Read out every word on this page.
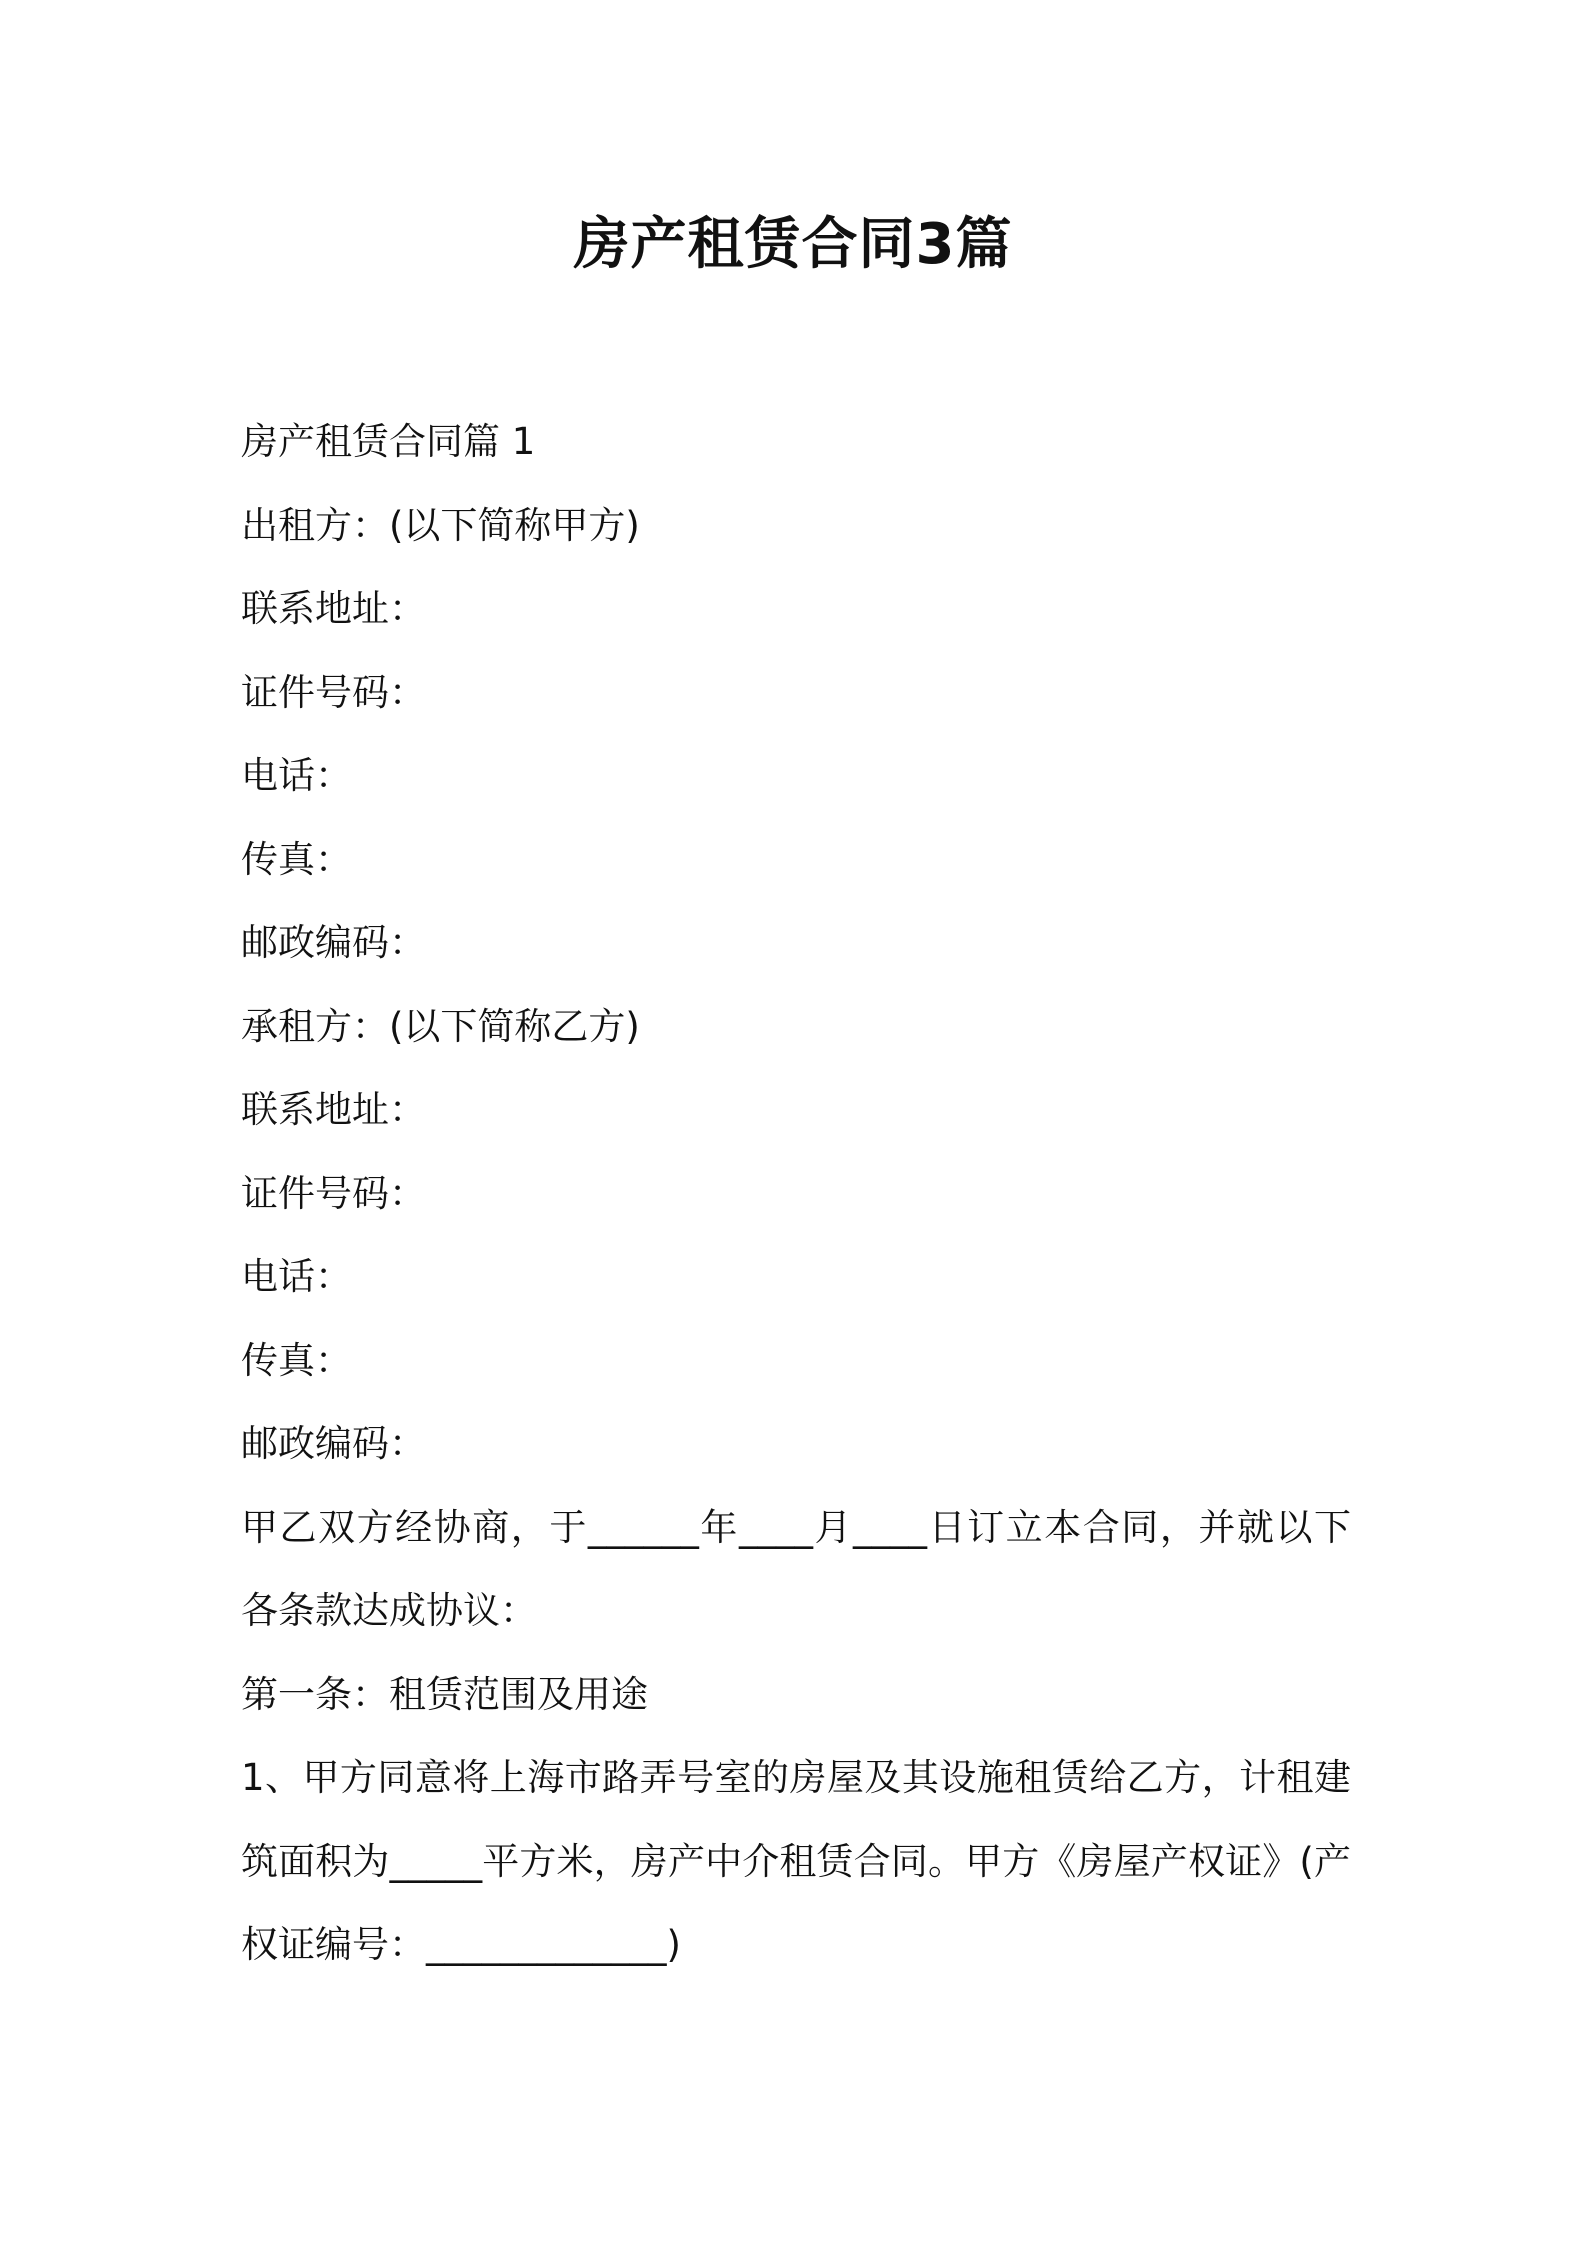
房产租赁合同3篇
房产租赁合同篇 1
出租方：(以下简称甲方)
联系地址：
证件号码：
电话：
传真：
邮政编码：
承租方：(以下简称乙方)
联系地址：
证件号码：
电话：
传真：
邮政编码：
甲乙双方经协商，于______年____月____日订立本合同，并就以下
各条款达成协议：
第一条：租赁范围及用途
1、甲方同意将上海市路弄号室的房屋及其设施租赁给乙方，计租建
筑面积为_____平方米，房产中介租赁合同。甲方《房屋产权证》(产
权证编号：_____________)
